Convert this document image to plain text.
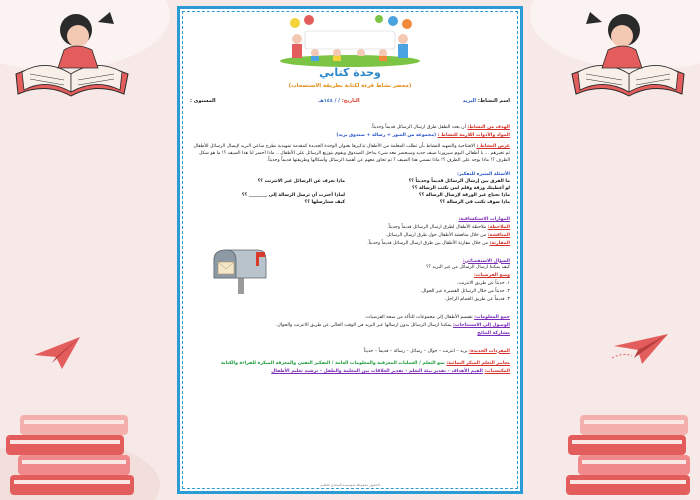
وحدة كتابي
(محضر نشاط قرءة لكتابة بطريقة الاستصحاب)
اسم النشاط: البريد
التاريخ: / / ١٤٤هـ
المستوى :
الهدف من النشاط: أن يعدد الطفل طرق ارسال الرسائل قديماً وحديثاً.
المواد والأدوات اللازمة للنشاط : (مجموعة من الصور + رسالة + صندوق بريد)
عرض النشاط : الافتتاحية والتمهيد للنشاط بأن تطلب المعلمة من الأطفال تذكيرها بعنوان الوحدة الجديدة كمقدمة تمهيدية تطرح ساعي البريد لإيصال الرسائل للأطفال ثم تخبرهم ... يا أطفالي اليوم سيزورنا ضيف جديد وسيحضر معه شيء بداخل الصندوق ويقوم بتوزيع الرسائل على الأطفال .. ماذا أحضر لنا هذا الضيف ؟! ما هو شكل الظرف ؟! ماذا يوجد على الظرف ؟! ماذا نسمي هذا الضيف ؟ ثم تحاور معهم عن أهمية الرسائل وأشكالها وطريقتها قديماً وحديثاً.
الأسئلة المثيرة للتفكير:
ما الفرق بين إرسال الرسائل قديماً وحديثاً ؟؟
ماذا تعرف عن الرسائل غير الانترنت ؟؟
لو أعطيتك ورقة وقلم لمن تكتب الرسالة ؟؟
ماذا نحتاج غير الورقة لإرسال الرسالة ؟؟
لماذا أخترت أن ترسل الرسالة إلى ________ ؟؟
ماذا سوف تكتب في الرسالة ؟؟
كيف ستارسلها ؟؟
المهارات الاستكشافية:
الملاحظة: ملاحظة الأطفال لطرق ارسال الرسائل قديماً وحديثاً.
المناقشة: من خلال مناقشة الأطفال حول طرق ارسال الرسائل.
المقارنة: من خلال مقارنة الأطفال بين طرق ارسال الرسائل قديماً وحديثاً.
السؤال الاستقصائي:
كيف يمكننا ارسال الرسائل من غير البريد ؟؟
وضع الفرضيات:
١. حديثاً عن طريق الانترنت.
٢. حديثاً من خلال الرسائل القصيرة عبر الجوال.
٣. قديماً عن طريق الحمام الزاجل.
جمع المعلومات: تقسيم الأطفال إلى مجموعات للتأكد من صحة الفرضيات.
الوصول إلى الاستنتاجات: يمكننا ارسال الرسائل بدون ارسالها عبر البريد في الوقت الحالي عن طريق الانترنت والجوال.
مشاركة النتائج
المفردات الجديدة: بريد – انترنت – جوال – رسائل – رسالة – قديماً – حديثاً
معايير التعلم المبكر النمائية: نمو التعلم / العمليات المعرفية والمعلومات العامة / التفكير التقني والمعرفة المبكرة للقراءة والكتابة
المكتسبات: القيم الأهداف – تقدير بيئة التعلم – تقدير العلاقات بين المعلمة والطفل – ترشيد تعليم الأطفال
الحقوق محفوظة لمؤسسة السعدي للتعليم
